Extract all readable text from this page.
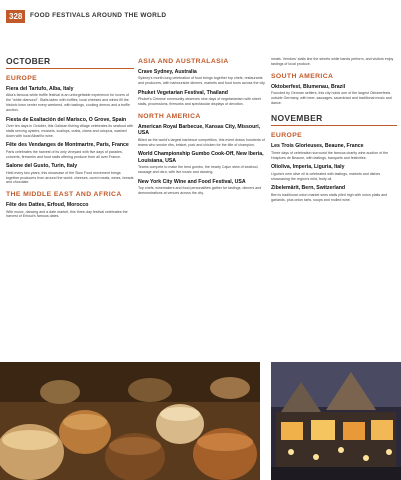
328	FOOD FESTIVALS AROUND THE WORLD
OCTOBER
EUROPE
Fiera del Tartufo, Alba, Italy
Alba's famous white truffle festival is an unforgettable experience for lovers of the "white diamond". Stalls laden with truffles, local cheeses and wines fill the historic town center every weekend, with tastings, cooking demos and a truffle auction.
Fiesta de Exaltación del Marisco, O Grove, Spain
Over ten days in October, this Galician fishing village celebrates its seafood with stalls serving oysters, mussels, scallops, crabs, clams and octopus, washed down with local Albariño wine.
Fête des Vendanges de Montmartre, Paris, France
Paris celebrates the harvest of its only vineyard with five days of parades, concerts, fireworks and food stalls offering produce from all over France.
Salone del Gusto, Turin, Italy
Held every two years, this showcase of the Slow Food movement brings together producers from around the world: cheeses, cured meats, wines, breads and chocolate.
THE MIDDLE EAST AND AFRICA
Fête des Dattes, Erfoud, Morocco
With music, dancing and a date market, this three-day festival celebrates the harvest of Erfoud's famous dates.
ASIA AND AUSTRALASIA
Crave Sydney, Australia
Sydney's month-long celebration of food brings together top chefs, restaurants and producers, with harbourside dinners, markets and food tours across the city.
Phuket Vegetarian Festival, Thailand
Phuket's Chinese community observes nine days of vegetarianism with street stalls, processions, fireworks and spectacular displays of devotion.
NORTH AMERICA
American Royal Barbecue, Kansas City, Missouri, USA
Billed as the world's largest barbecue competition, this event draws hundreds of teams who smoke ribs, brisket, pork and chicken for the title of champion.
World Championship Gumbo Cook-Off, New Iberia, Louisiana, USA
Teams compete to make the best gumbo, the hearty Cajun stew of seafood, sausage and okra, with live music and dancing.
New York City Wine and Food Festival, USA
Top chefs, winemakers and food personalities gather for tastings, dinners and demonstrations at venues across the city.
meats. Vendors' stalls line the streets while bands perform, and visitors enjoy tastings of local produce.
SOUTH AMERICA
Oktoberfest, Blumenau, Brazil
Founded by German settlers, this city holds one of the largest Oktoberfests outside Germany, with beer, sausages, sauerkraut and traditional music and dance.
NOVEMBER
EUROPE
Les Trois Glorieuses, Beaune, France
Three days of celebration surround the famous charity wine auction of the Hospices de Beaune, with tastings, banquets and festivities.
Olioliva, Imperia, Liguria, Italy
Liguria's new olive oil is celebrated with tastings, markets and dishes showcasing the region's mild, fruity oil.
Zibelemärit, Bern, Switzerland
Bern's traditional onion market sees stalls piled high with onion plaits and garlands, plus onion tarts, soups and mulled wine.
